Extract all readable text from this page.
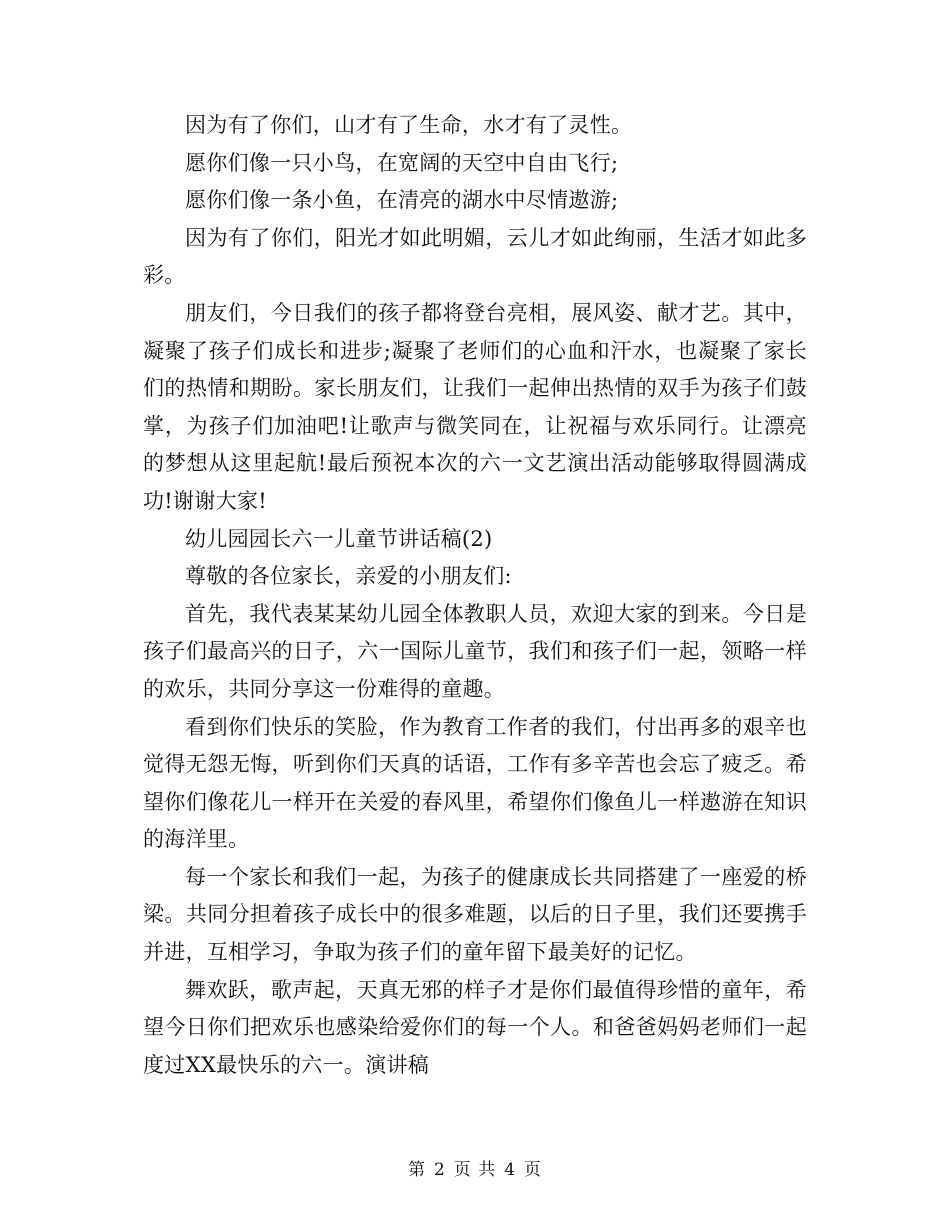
因为有了你们，山才有了生命，水才有了灵性。

愿你们像一只小鸟，在宽阔的天空中自由飞行;

愿你们像一条小鱼，在清亮的湖水中尽情遨游;

因为有了你们，阳光才如此明媚，云儿才如此绚丽，生活才如此多彩。

朋友们，今日我们的孩子都将登台亮相，展风姿、献才艺。其中，凝聚了孩子们成长和进步;凝聚了老师们的心血和汗水，也凝聚了家长们的热情和期盼。家长朋友们，让我们一起伸出热情的双手为孩子们鼓掌，为孩子们加油吧!让歌声与微笑同在，让祝福与欢乐同行。让漂亮的梦想从这里起航!最后预祝本次的六一文艺演出活动能够取得圆满成功!谢谢大家!

幼儿园园长六一儿童节讲话稿(2)

尊敬的各位家长，亲爱的小朋友们:

首先，我代表某某幼儿园全体教职人员，欢迎大家的到来。今日是孩子们最高兴的日子，六一国际儿童节，我们和孩子们一起，领略一样的欢乐，共同分享这一份难得的童趣。

看到你们快乐的笑脸，作为教育工作者的我们，付出再多的艰辛也觉得无怨无悔，听到你们天真的话语，工作有多辛苦也会忘了疲乏。希望你们像花儿一样开在关爱的春风里，希望你们像鱼儿一样遨游在知识的海洋里。

每一个家长和我们一起，为孩子的健康成长共同搭建了一座爱的桥梁。共同分担着孩子成长中的很多难题，以后的日子里，我们还要携手并进，互相学习，争取为孩子们的童年留下最美好的记忆。

舞欢跃，歌声起，天真无邪的样子才是你们最值得珍惜的童年，希望今日你们把欢乐也感染给爱你们的每一个人。和爸爸妈妈老师们一起度过XX最快乐的六一。演讲稿

第 2 页 共 4 页
